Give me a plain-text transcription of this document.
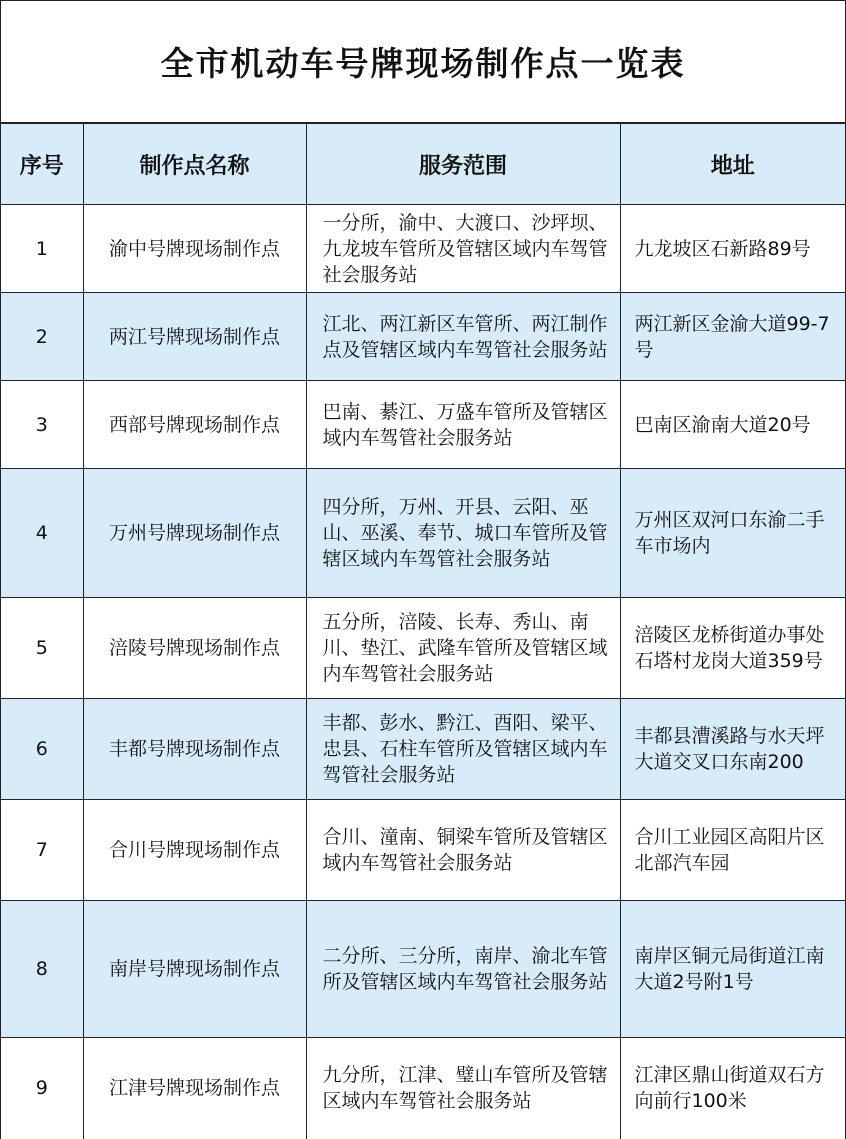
全市机动车号牌现场制作点一览表
序号	制作点名称	服务范围	地址
1	渝中号牌现场制作点	一分所，渝中、大渡口、沙坪坝、九龙坡车管所及管辖区域内车驾管社会服务站	九龙坡区石新路89号
2	两江号牌现场制作点	江北、两江新区车管所、两江制作点及管辖区域内车驾管社会服务站	两江新区金渝大道99-7号
3	西部号牌现场制作点	巴南、綦江、万盛车管所及管辖区域内车驾管社会服务站	巴南区渝南大道20号
4	万州号牌现场制作点	四分所，万州、开县、云阳、巫山、巫溪、奉节、城口车管所及管辖区域内车驾管社会服务站	万州区双河口东渝二手车市场内
5	涪陵号牌现场制作点	五分所，涪陵、长寿、秀山、南川、垫江、武隆车管所及管辖区域内车驾管社会服务站	涪陵区龙桥街道办事处石塔村龙岗大道359号
6	丰都号牌现场制作点	丰都、彭水、黔江、酉阳、梁平、忠县、石柱车管所及管辖区域内车驾管社会服务站	丰都县漕溪路与水天坪大道交叉口东南200
7	合川号牌现场制作点	合川、潼南、铜梁车管所及管辖区域内车驾管社会服务站	合川工业园区高阳片区北部汽车园
8	南岸号牌现场制作点	二分所、三分所，南岸、渝北车管所及管辖区域内车驾管社会服务站	南岸区铜元局街道江南大道2号附1号
9	江津号牌现场制作点	九分所，江津、璧山车管所及管辖区域内车驾管社会服务站	江津区鼎山街道双石方向前行100米
